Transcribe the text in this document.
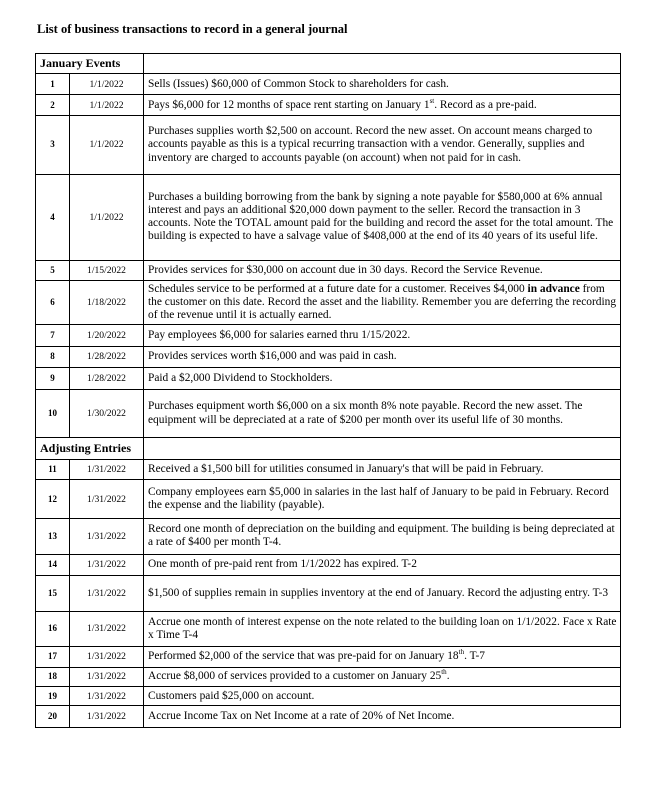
List of business transactions to record in a general journal
January Events		
1	1/1/2022	Sells (Issues) $60,000 of Common Stock to shareholders for cash.
2	1/1/2022	Pays $6,000 for 12 months of space rent starting on January 1st. Record as a pre-paid.
3	1/1/2022	Purchases supplies worth $2,500 on account. Record the new asset. On account means charged to accounts payable as this is a typical recurring transaction with a vendor. Generally, supplies and inventory are charged to accounts payable (on account) when not paid for in cash.
4	1/1/2022	Purchases a building borrowing from the bank by signing a note payable for $580,000 at 6% annual interest and pays an additional $20,000 down payment to the seller. Record the transaction in 3 accounts. Note the TOTAL amount paid for the building and record the asset for the total amount. The building is expected to have a salvage value of $408,000 at the end of its 40 years of its useful life.
5	1/15/2022	Provides services for $30,000 on account due in 30 days. Record the Service Revenue.
6	1/18/2022	Schedules service to be performed at a future date for a customer. Receives $4,000 in advance from the customer on this date. Record the asset and the liability. Remember you are deferring the recording of the revenue until it is actually earned.
7	1/20/2022	Pay employees $6,000 for salaries earned thru 1/15/2022.
8	1/28/2022	Provides services worth $16,000 and was paid in cash.
9	1/28/2022	Paid a $2,000 Dividend to Stockholders.
10	1/30/2022	Purchases equipment worth $6,000 on a six month 8% note payable. Record the new asset. The equipment will be depreciated at a rate of $200 per month over its useful life of 30 months.
Adjusting Entries		
11	1/31/2022	Received a $1,500 bill for utilities consumed in January's that will be paid in February.
12	1/31/2022	Company employees earn $5,000 in salaries in the last half of January to be paid in February. Record the expense and the liability (payable).
13	1/31/2022	Record one month of depreciation on the building and equipment. The building is being depreciated at a rate of $400 per month T-4.
14	1/31/2022	One month of pre-paid rent from 1/1/2022 has expired. T-2
15	1/31/2022	$1,500 of supplies remain in supplies inventory at the end of January. Record the adjusting entry. T-3
16	1/31/2022	Accrue one month of interest expense on the note related to the building loan on 1/1/2022. Face x Rate x Time T-4
17	1/31/2022	Performed $2,000 of the service that was pre-paid for on January 18th. T-7
18	1/31/2022	Accrue $8,000 of services provided to a customer on January 25th.
19	1/31/2022	Customers paid $25,000 on account.
20	1/31/2022	Accrue Income Tax on Net Income at a rate of 20% of Net Income.
